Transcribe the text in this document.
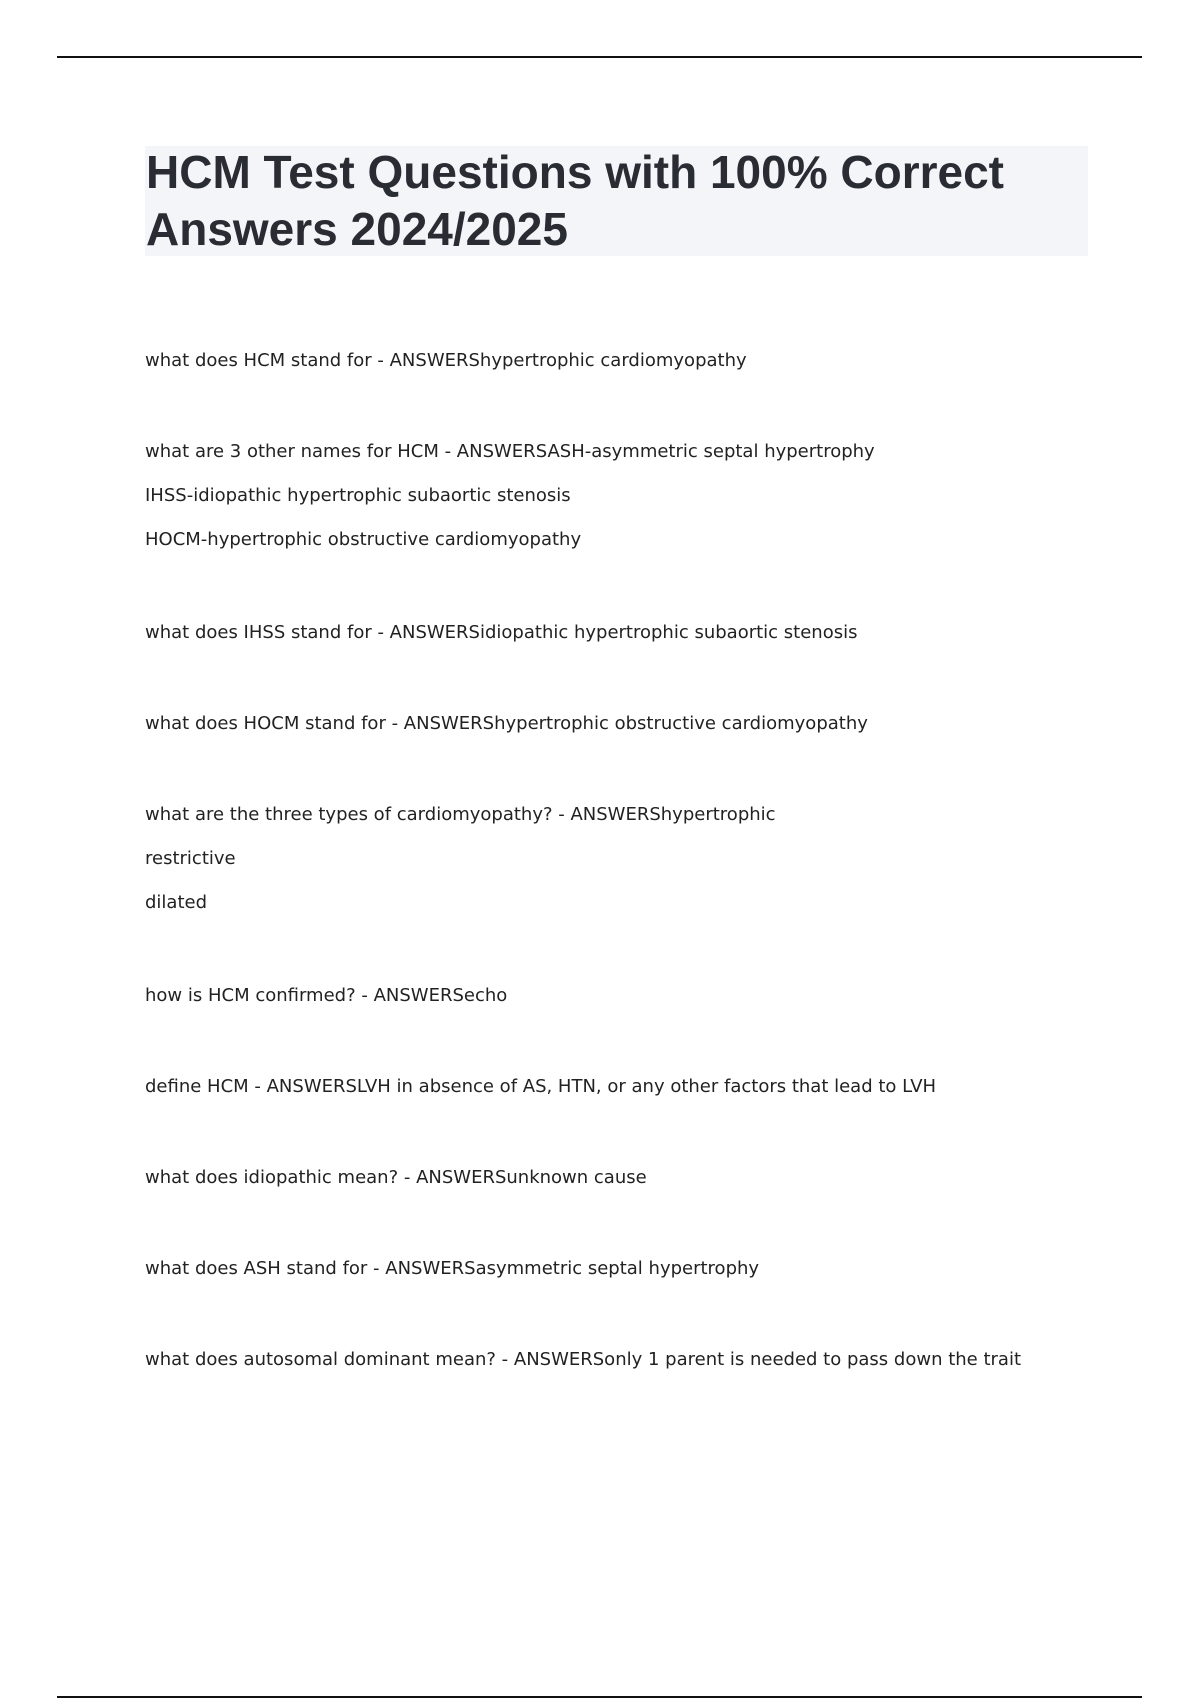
HCM Test Questions with 100% Correct Answers 2024/2025
what does HCM stand for - ANSWERShypertrophic cardiomyopathy
what are 3 other names for HCM - ANSWERSASH-asymmetric septal hypertrophy
IHSS-idiopathic hypertrophic subaortic stenosis
HOCM-hypertrophic obstructive cardiomyopathy
what does IHSS stand for - ANSWERSidiopathic hypertrophic subaortic stenosis
what does HOCM stand for - ANSWERShypertrophic obstructive cardiomyopathy
what are the three types of cardiomyopathy? - ANSWERShypertrophic
restrictive
dilated
how is HCM confirmed? - ANSWERSecho
define HCM - ANSWERSLVH in absence of AS, HTN, or any other factors that lead to LVH
what does idiopathic mean? - ANSWERSunknown cause
what does ASH stand for - ANSWERSasymmetric septal hypertrophy
what does autosomal dominant mean? - ANSWERSonly 1 parent is needed to pass down the trait
